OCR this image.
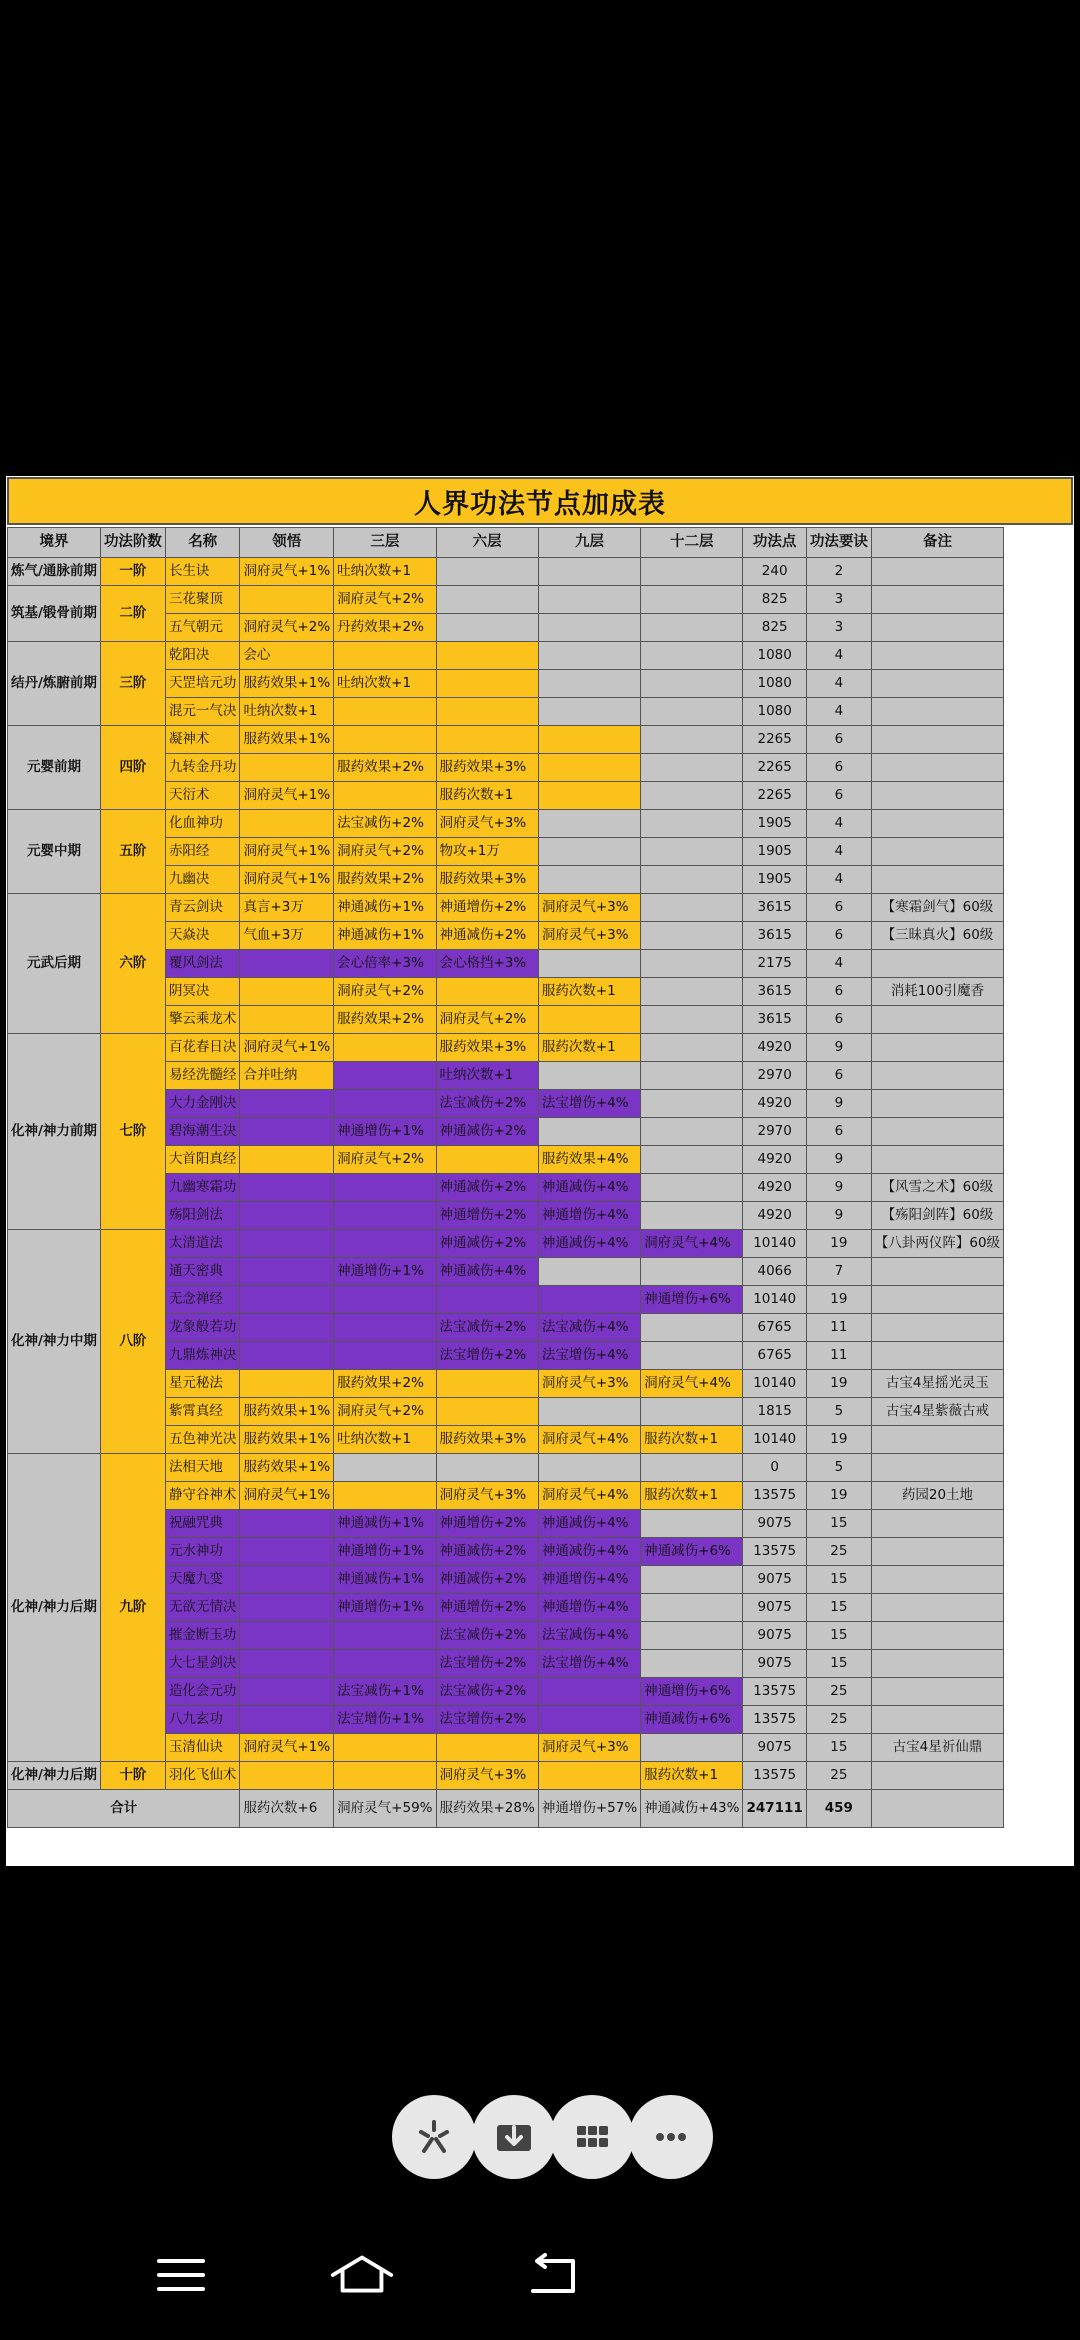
人界功法节点加成表
境界	功法阶数	名称	领悟	三层	六层	九层	十二层	功法点	功法要诀	备注
炼气/通脉前期	一阶	长生诀	洞府灵气+1%	吐纳次数+1				240	2	
筑基/锻骨前期	二阶	三花聚顶		洞府灵气+2%				825	3	
		五气朝元	洞府灵气+2%	丹药效果+2%				825	3	
结丹/炼腑前期	三阶	乾阳决	会心					1080	4	
		天罡培元功	服药效果+1%	吐纳次数+1				1080	4	
		混元一气决	吐纳次数+1					1080	4	
元婴前期	四阶	凝神术	服药效果+1%					2265	6	
		九转金丹功		服药效果+2%	服药效果+3%			2265	6	
		天衍术	洞府灵气+1%		服药次数+1			2265	6	
元婴中期	五阶	化血神功		法宝减伤+2%	洞府灵气+3%			1905	4	
		赤阳经	洞府灵气+1%	洞府灵气+2%	物攻+1万			1905	4	
		九幽决	洞府灵气+1%	服药效果+2%	服药效果+3%			1905	4	
元武后期	六阶	青云剑诀	真言+3万	神通减伤+1%	神通增伤+2%	洞府灵气+3%		3615	6	【寒霜剑气】60级
		天焱决	气血+3万	神通减伤+1%	神通减伤+2%	洞府灵气+3%		3615	6	【三昧真火】60级
		覆风剑法		会心倍率+3%	会心格挡+3%			2175	4	
		阴冥决		洞府灵气+2%		服药次数+1		3615	6	消耗100引魔香
		擎云乘龙术		服药效果+2%	洞府灵气+2%			3615	6	
化神/神力前期	七阶	百花春日决	洞府灵气+1%		服药效果+3%	服药次数+1		4920	9	
		易经洗髓经	合并吐纳		吐纳次数+1			2970	6	
		大力金刚决			法宝减伤+2%	法宝增伤+4%		4920	9	
		碧海潮生决		神通增伤+1%	神通减伤+2%			2970	6	
		大首阳真经		洞府灵气+2%		服药效果+4%		4920	9	
		九幽寒霜功			神通减伤+2%	神通减伤+4%		4920	9	【风雪之术】60级
		殇阳剑法			神通增伤+2%	神通增伤+4%		4920	9	【殇阳剑阵】60级
化神/神力中期	八阶	太清道法			神通减伤+2%	神通减伤+4%	洞府灵气+4%	10140	19	【八卦两仪阵】60级
		通天密典		神通增伤+1%	神通减伤+4%			4066	7	
		无念禅经					神通增伤+6%	10140	19	
		龙象般若功			法宝减伤+2%	法宝减伤+4%		6765	11	
		九鼎炼神决			法宝增伤+2%	法宝增伤+4%		6765	11	
		星元秘法		服药效果+2%		洞府灵气+3%	洞府灵气+4%	10140	19	古宝4星摇光灵玉
		紫霄真经	服药效果+1%	洞府灵气+2%				1815	5	古宝4星紫薇古戒
		五色神光决	服药效果+1%	吐纳次数+1	服药效果+3%	洞府灵气+4%	服药次数+1	10140	19	
化神/神力后期	九阶	法相天地	服药效果+1%					0	5	
		静守谷神术	洞府灵气+1%		洞府灵气+3%	洞府灵气+4%	服药次数+1	13575	19	药园20土地
		祝融咒典		神通减伤+1%	神通增伤+2%	神通减伤+4%		9075	15	
		元水神功		神通增伤+1%	神通减伤+2%	神通减伤+4%	神通减伤+6%	13575	25	
		天魔九变		神通减伤+1%	神通减伤+2%	神通增伤+4%		9075	15	
		无欲无情决		神通增伤+1%	神通增伤+2%	神通增伤+4%		9075	15	
		摧金断玉功			法宝减伤+2%	法宝减伤+4%		9075	15	
		大七星剑决			法宝增伤+2%	法宝增伤+4%		9075	15	
		造化会元功		法宝减伤+1%	法宝减伤+2%		神通增伤+6%	13575	25	
		八九玄功		法宝增伤+1%	法宝增伤+2%		神通减伤+6%	13575	25	
		玉清仙诀	洞府灵气+1%			洞府灵气+3%		9075	15	古宝4星祈仙鼎
化神/神力后期	十阶	羽化飞仙术			洞府灵气+3%		服药次数+1	13575	25	
合计			服药次数+6	洞府灵气+59%	服药效果+28%	神通增伤+57%	神通减伤+43%	247111	459	
